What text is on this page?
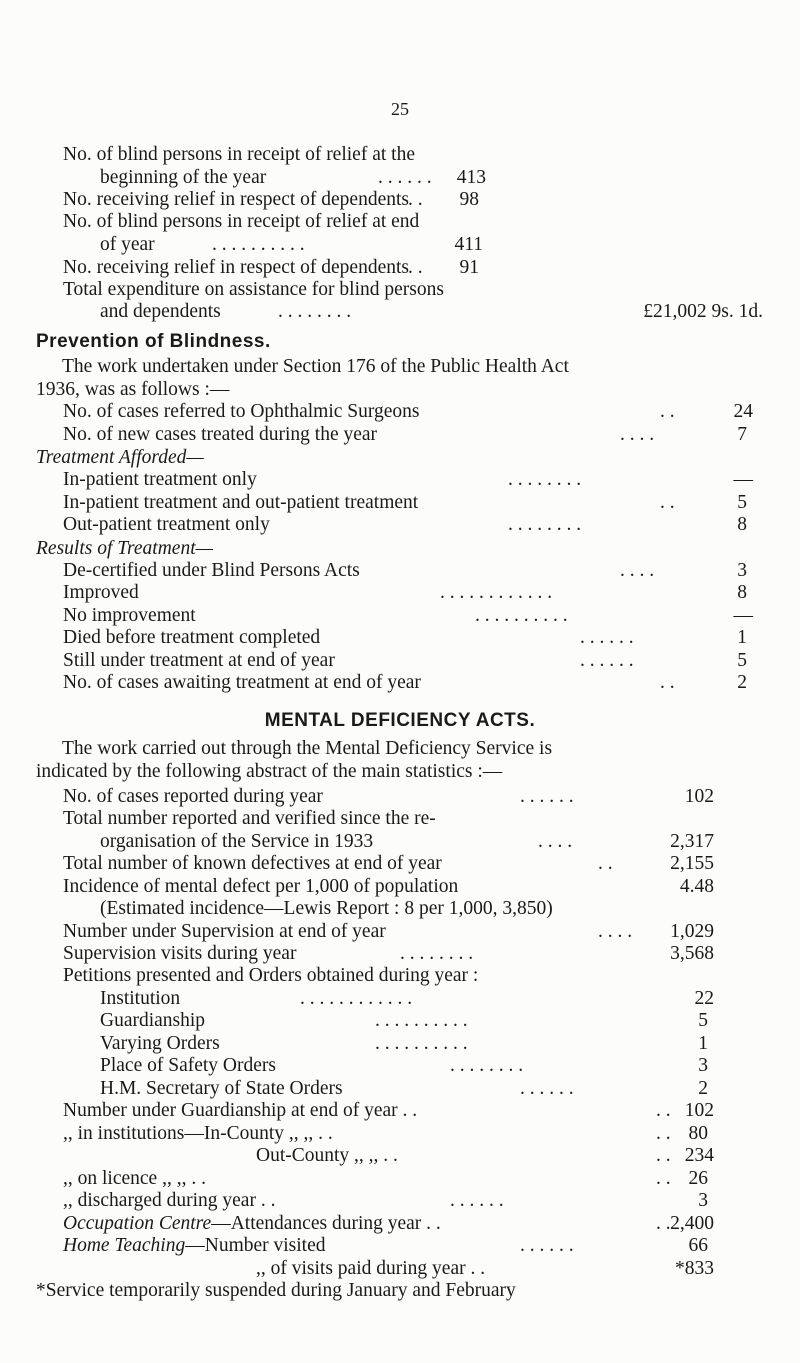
25
No. of blind persons in receipt of relief at the
beginning of the year	. . . . . . 413
No. receiving relief in respect of dependents . . 98
No. of blind persons in receipt of relief at end
of year	. . . . . . . . . .	411
No. receiving relief in respect of dependents . . 91
Total expenditure on assistance for blind persons
and dependents	. . . . . . . .	£21,002 9s. 1d.
Prevention of Blindness.
The work undertaken under Section 176 of the Public Health Act
1936, was as follows :—
No. of cases referred to Ophthalmic Surgeons	. .	24
No. of new cases treated during the year	. . . .	7
Treatment Afforded—
In-patient treatment only	. . . . . . . .	—
In-patient treatment and out-patient treatment	. .	5
Out-patient treatment only	. . . . . . . .	8
Results of Treatment—
De-certified under Blind Persons Acts	. . . .	3
Improved	. . . . . . . . . . . .	8
No improvement	. . . . . . . . . .	—
Died before treatment completed	. . . . . .	1
Still under treatment at end of year	. . . . . .	5
No. of cases awaiting treatment at end of year	. .	2
MENTAL DEFICIENCY ACTS.
The work carried out through the Mental Deficiency Service is
indicated by the following abstract of the main statistics :—
No. of cases reported during year	. . . . . .	102
Total number reported and verified since the re-
organisation of the Service in 1933	. . . .	2,317
Total number of known defectives at end of year	. .	2,155
Incidence of mental defect per 1,000 of population	4.48
(Estimated incidence—Lewis Report : 8 per 1,000, 3,850)
Number under Supervision at end of year	. . . . 1,029
Supervision visits during year	. . . . . . . .	3,568
Petitions presented and Orders obtained during year :
Institution	. . . . . . . . . . . .	22
Guardianship	. . . . . . . . . .	5
Varying Orders	. . . . . . . . . .	1
Place of Safety Orders	. . . . . . . .	3
H.M. Secretary of State Orders	. . . . . .	2
Number under Guardianship at end of year . .	. . 102
,, in institutions—In-County ,, ,, . .	. . 80
Out-County ,, ,, . .	. . 234
,, on licence ,, ,, . .	. . 26
,, discharged during year . .	. . . . . .	3
Occupation Centre—Attendances during year . .	. . 2,400
Home Teaching—Number visited	. . . . . .	66
,, of visits paid during year . .	*833
*Service temporarily suspended during January and February
